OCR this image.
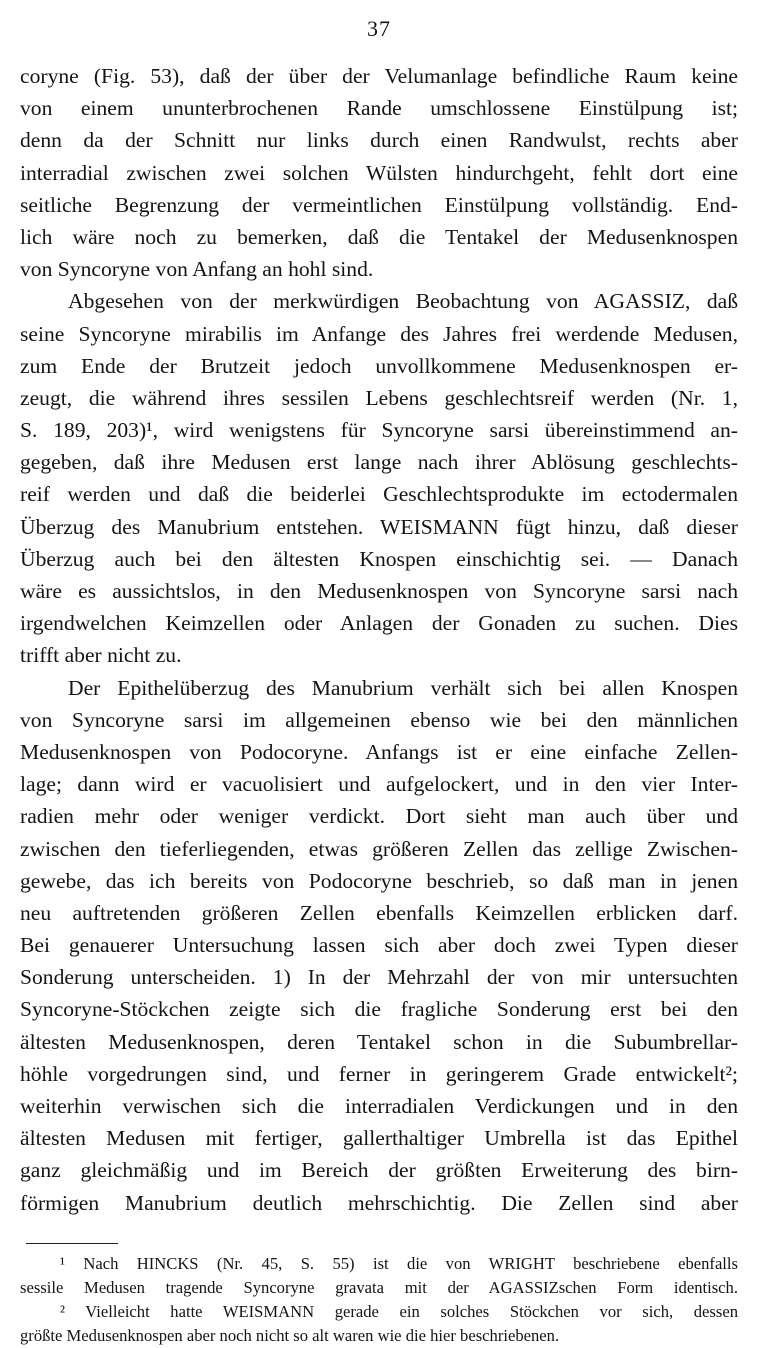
37
coryne (Fig. 53), daß der über der Velumanlage befindliche Raum keine
von einem ununterbrochenen Rande umschlossene Einstülpung ist;
denn da der Schnitt nur links durch einen Randwulst, rechts aber
interradial zwischen zwei solchen Wülsten hindurchgeht, fehlt dort eine
seitliche Begrenzung der vermeintlichen Einstülpung vollständig. End-
lich wäre noch zu bemerken, daß die Tentakel der Medusenknospen
von Syncoryne von Anfang an hohl sind.
Abgesehen von der merkwürdigen Beobachtung von AGASSIZ, daß
seine Syncoryne mirabilis im Anfange des Jahres frei werdende Medusen,
zum Ende der Brutzeit jedoch unvollkommene Medusenknospen er-
zeugt, die während ihres sessilen Lebens geschlechtsreif werden (Nr. 1,
S. 189, 203)¹, wird wenigstens für Syncoryne sarsi übereinstimmend an-
gegeben, daß ihre Medusen erst lange nach ihrer Ablösung geschlechts-
reif werden und daß die beiderlei Geschlechtsprodukte im ectodermalen
Überzug des Manubrium entstehen. WEISMANN fügt hinzu, daß dieser
Überzug auch bei den ältesten Knospen einschichtig sei. — Danach
wäre es aussichtslos, in den Medusenknospen von Syncoryne sarsi nach
irgendwelchen Keimzellen oder Anlagen der Gonaden zu suchen. Dies
trifft aber nicht zu.
Der Epithelüberzug des Manubrium verhält sich bei allen Knospen
von Syncoryne sarsi im allgemeinen ebenso wie bei den männlichen
Medusenknospen von Podocoryne. Anfangs ist er eine einfache Zellen-
lage; dann wird er vacuolisiert und aufgelockert, und in den vier Inter-
radien mehr oder weniger verdickt. Dort sieht man auch über und
zwischen den tieferliegenden, etwas größeren Zellen das zellige Zwischen-
gewebe, das ich bereits von Podocoryne beschrieb, so daß man in jenen
neu auftretenden größeren Zellen ebenfalls Keimzellen erblicken darf.
Bei genauerer Untersuchung lassen sich aber doch zwei Typen dieser
Sonderung unterscheiden. 1) In der Mehrzahl der von mir untersuchten
Syncoryne-Stöckchen zeigte sich die fragliche Sonderung erst bei den
ältesten Medusenknospen, deren Tentakel schon in die Subumbrellar-
höhle vorgedrungen sind, und ferner in geringerem Grade entwickelt²;
weiterhin verwischen sich die interradialen Verdickungen und in den
ältesten Medusen mit fertiger, gallerthaltiger Umbrella ist das Epithel
ganz gleichmäßig und im Bereich der größten Erweiterung des birn-
förmigen Manubrium deutlich mehrschichtig. Die Zellen sind aber
¹ Nach HINCKS (Nr. 45, S. 55) ist die von WRIGHT beschriebene ebenfalls
sessile Medusen tragende Syncoryne gravata mit der AGASSIZschen Form identisch.
² Vielleicht hatte WEISMANN gerade ein solches Stöckchen vor sich, dessen
größte Medusenknospen aber noch nicht so alt waren wie die hier beschriebenen.
